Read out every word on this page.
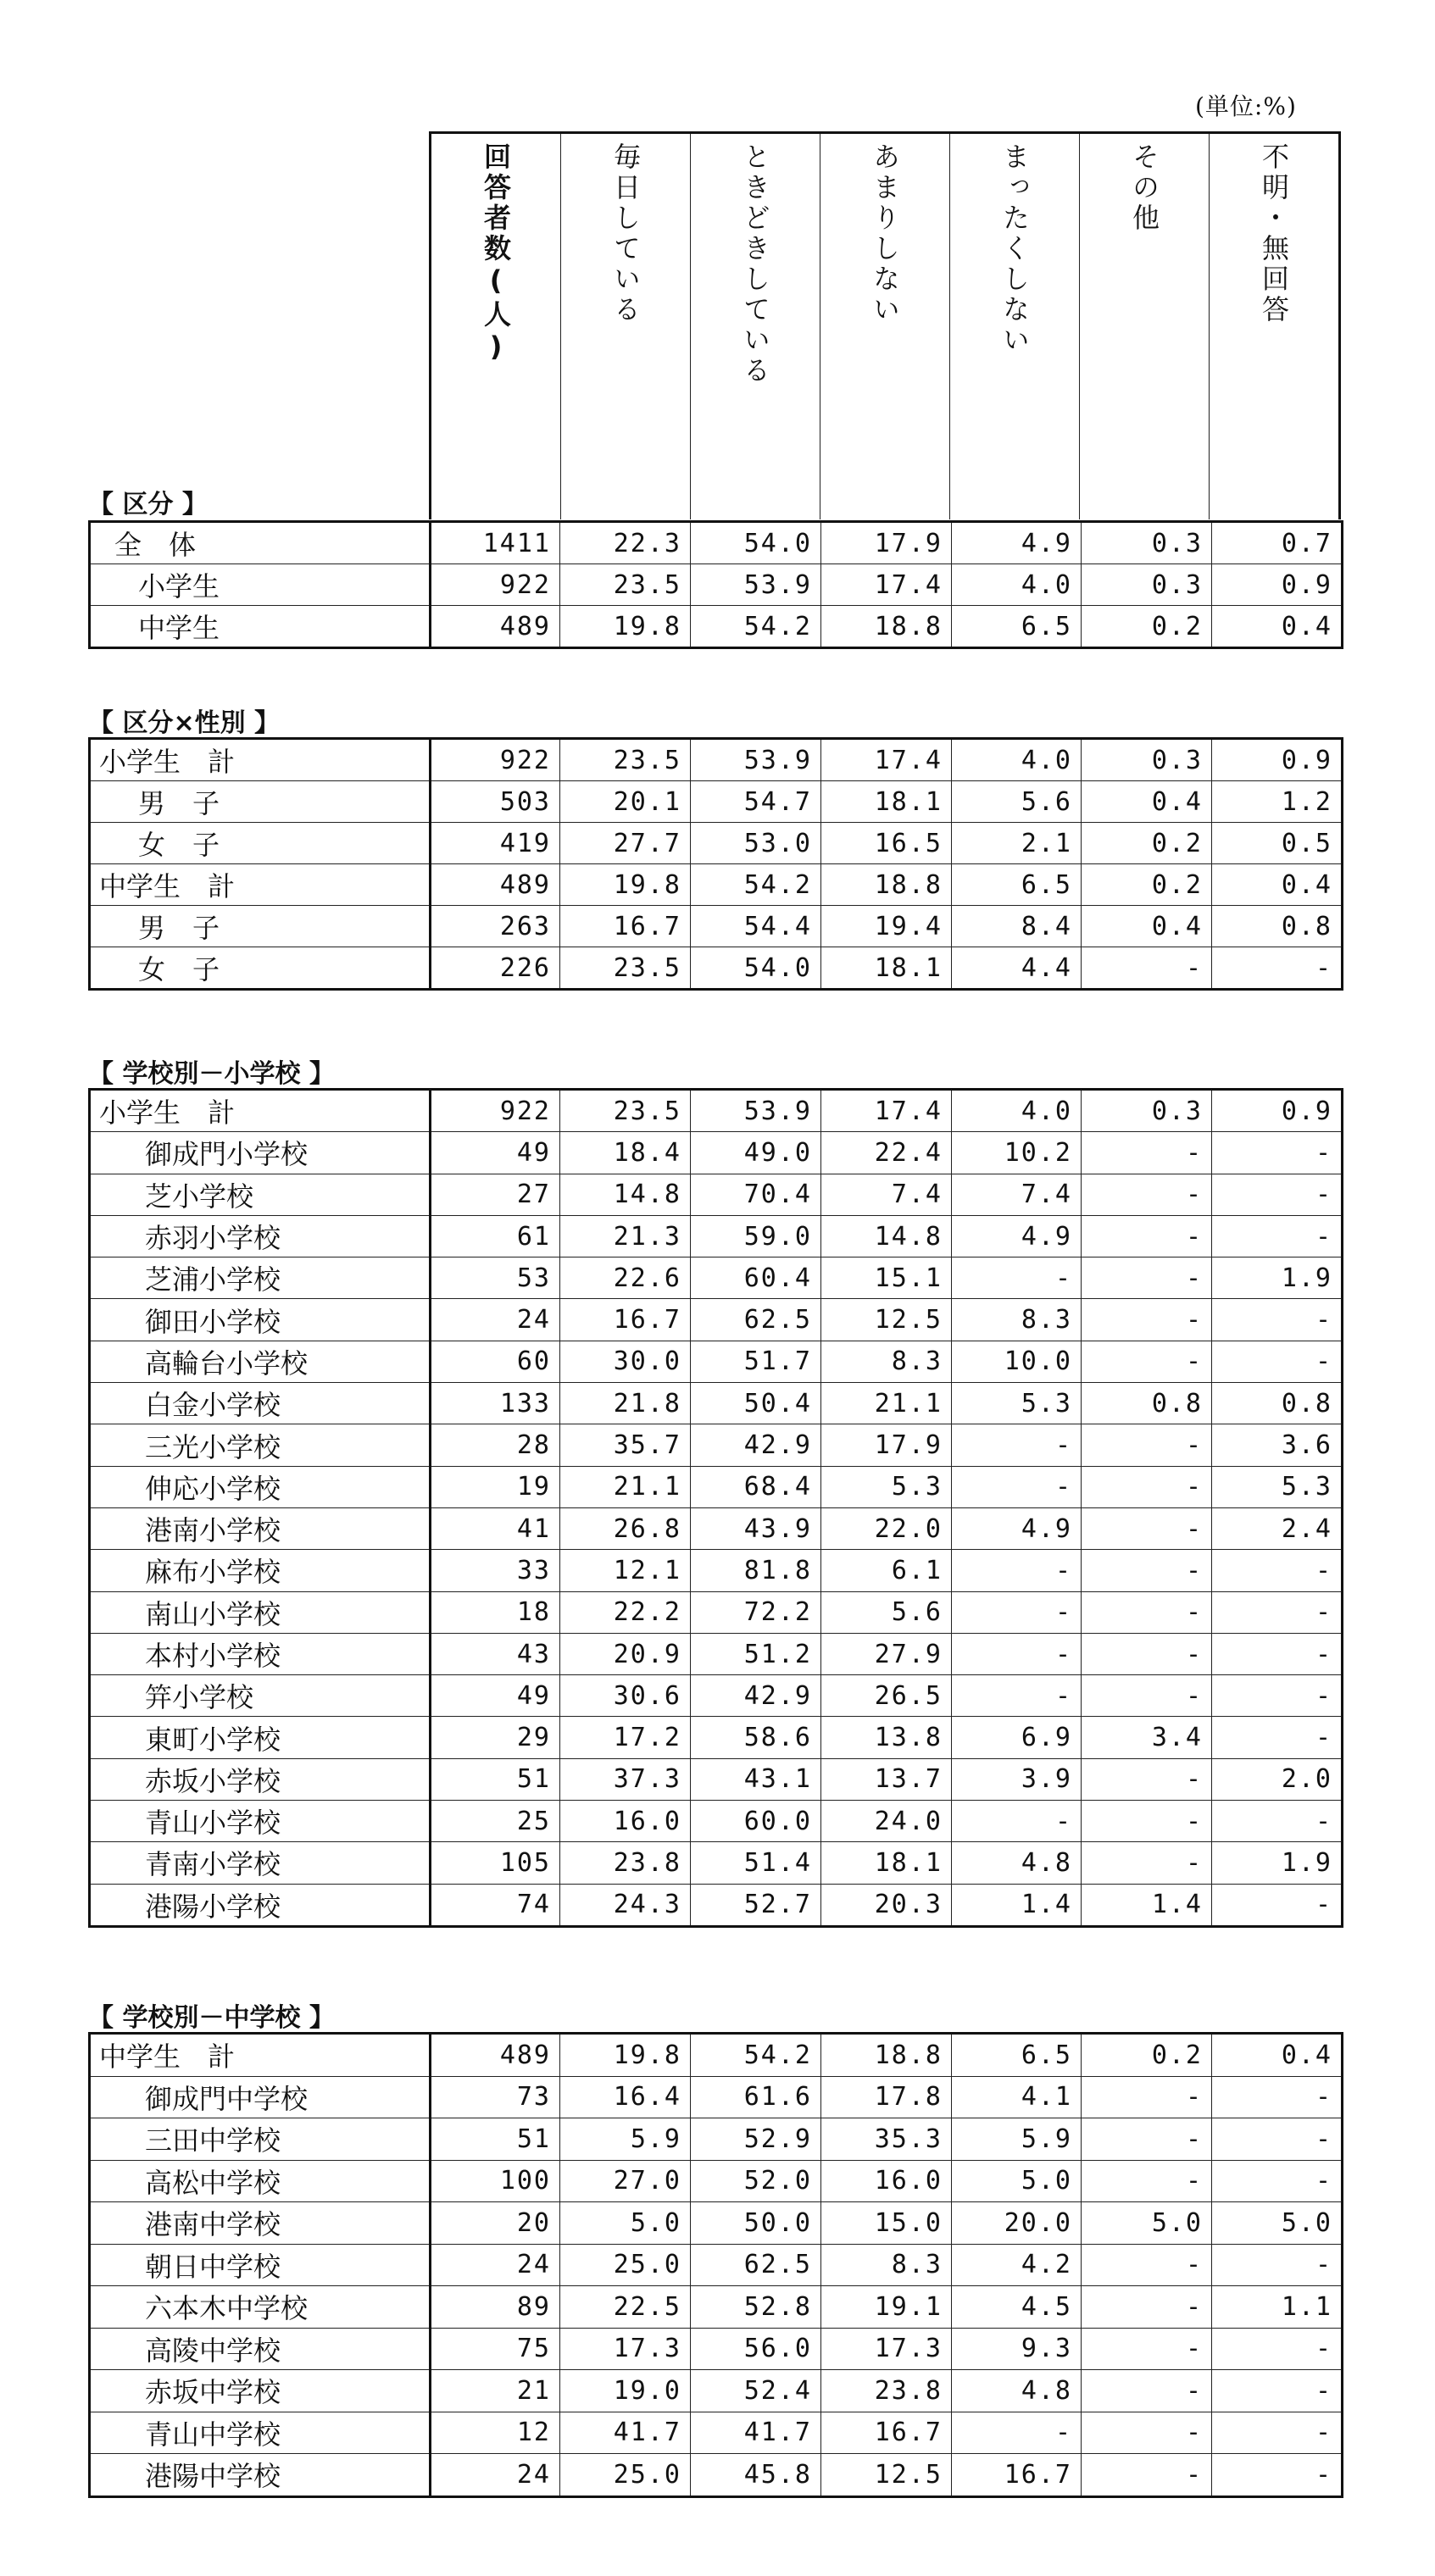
(単位:%)
回答者数(人)	毎日している	ときどきしている	あまりしない	まったくしない	その他	不明・無回答
【 区分 】
全　体	1411	22.3	54.0	17.9	4.9	0.3	0.7
小学生	922	23.5	53.9	17.4	4.0	0.3	0.9
中学生	489	19.8	54.2	18.8	6.5	0.2	0.4
【 区分×性別 】
小学生　計	922	23.5	53.9	17.4	4.0	0.3	0.9
男　子	503	20.1	54.7	18.1	5.6	0.4	1.2
女　子	419	27.7	53.0	16.5	2.1	0.2	0.5
中学生　計	489	19.8	54.2	18.8	6.5	0.2	0.4
男　子	263	16.7	54.4	19.4	8.4	0.4	0.8
女　子	226	23.5	54.0	18.1	4.4	-	-
【 学校別－小学校 】
小学生　計	922	23.5	53.9	17.4	4.0	0.3	0.9
御成門小学校	49	18.4	49.0	22.4	10.2	-	-
芝小学校	27	14.8	70.4	7.4	7.4	-	-
赤羽小学校	61	21.3	59.0	14.8	4.9	-	-
芝浦小学校	53	22.6	60.4	15.1	-	-	1.9
御田小学校	24	16.7	62.5	12.5	8.3	-	-
高輪台小学校	60	30.0	51.7	8.3	10.0	-	-
白金小学校	133	21.8	50.4	21.1	5.3	0.8	0.8
三光小学校	28	35.7	42.9	17.9	-	-	3.6
伸応小学校	19	21.1	68.4	5.3	-	-	5.3
港南小学校	41	26.8	43.9	22.0	4.9	-	2.4
麻布小学校	33	12.1	81.8	6.1	-	-	-
南山小学校	18	22.2	72.2	5.6	-	-	-
本村小学校	43	20.9	51.2	27.9	-	-	-
笄小学校	49	30.6	42.9	26.5	-	-	-
東町小学校	29	17.2	58.6	13.8	6.9	3.4	-
赤坂小学校	51	37.3	43.1	13.7	3.9	-	2.0
青山小学校	25	16.0	60.0	24.0	-	-	-
青南小学校	105	23.8	51.4	18.1	4.8	-	1.9
港陽小学校	74	24.3	52.7	20.3	1.4	1.4	-
【 学校別－中学校 】
中学生　計	489	19.8	54.2	18.8	6.5	0.2	0.4
御成門中学校	73	16.4	61.6	17.8	4.1	-	-
三田中学校	51	5.9	52.9	35.3	5.9	-	-
高松中学校	100	27.0	52.0	16.0	5.0	-	-
港南中学校	20	5.0	50.0	15.0	20.0	5.0	5.0
朝日中学校	24	25.0	62.5	8.3	4.2	-	-
六本木中学校	89	22.5	52.8	19.1	4.5	-	1.1
高陵中学校	75	17.3	56.0	17.3	9.3	-	-
赤坂中学校	21	19.0	52.4	23.8	4.8	-	-
青山中学校	12	41.7	41.7	16.7	-	-	-
港陽中学校	24	25.0	45.8	12.5	16.7	-	-
